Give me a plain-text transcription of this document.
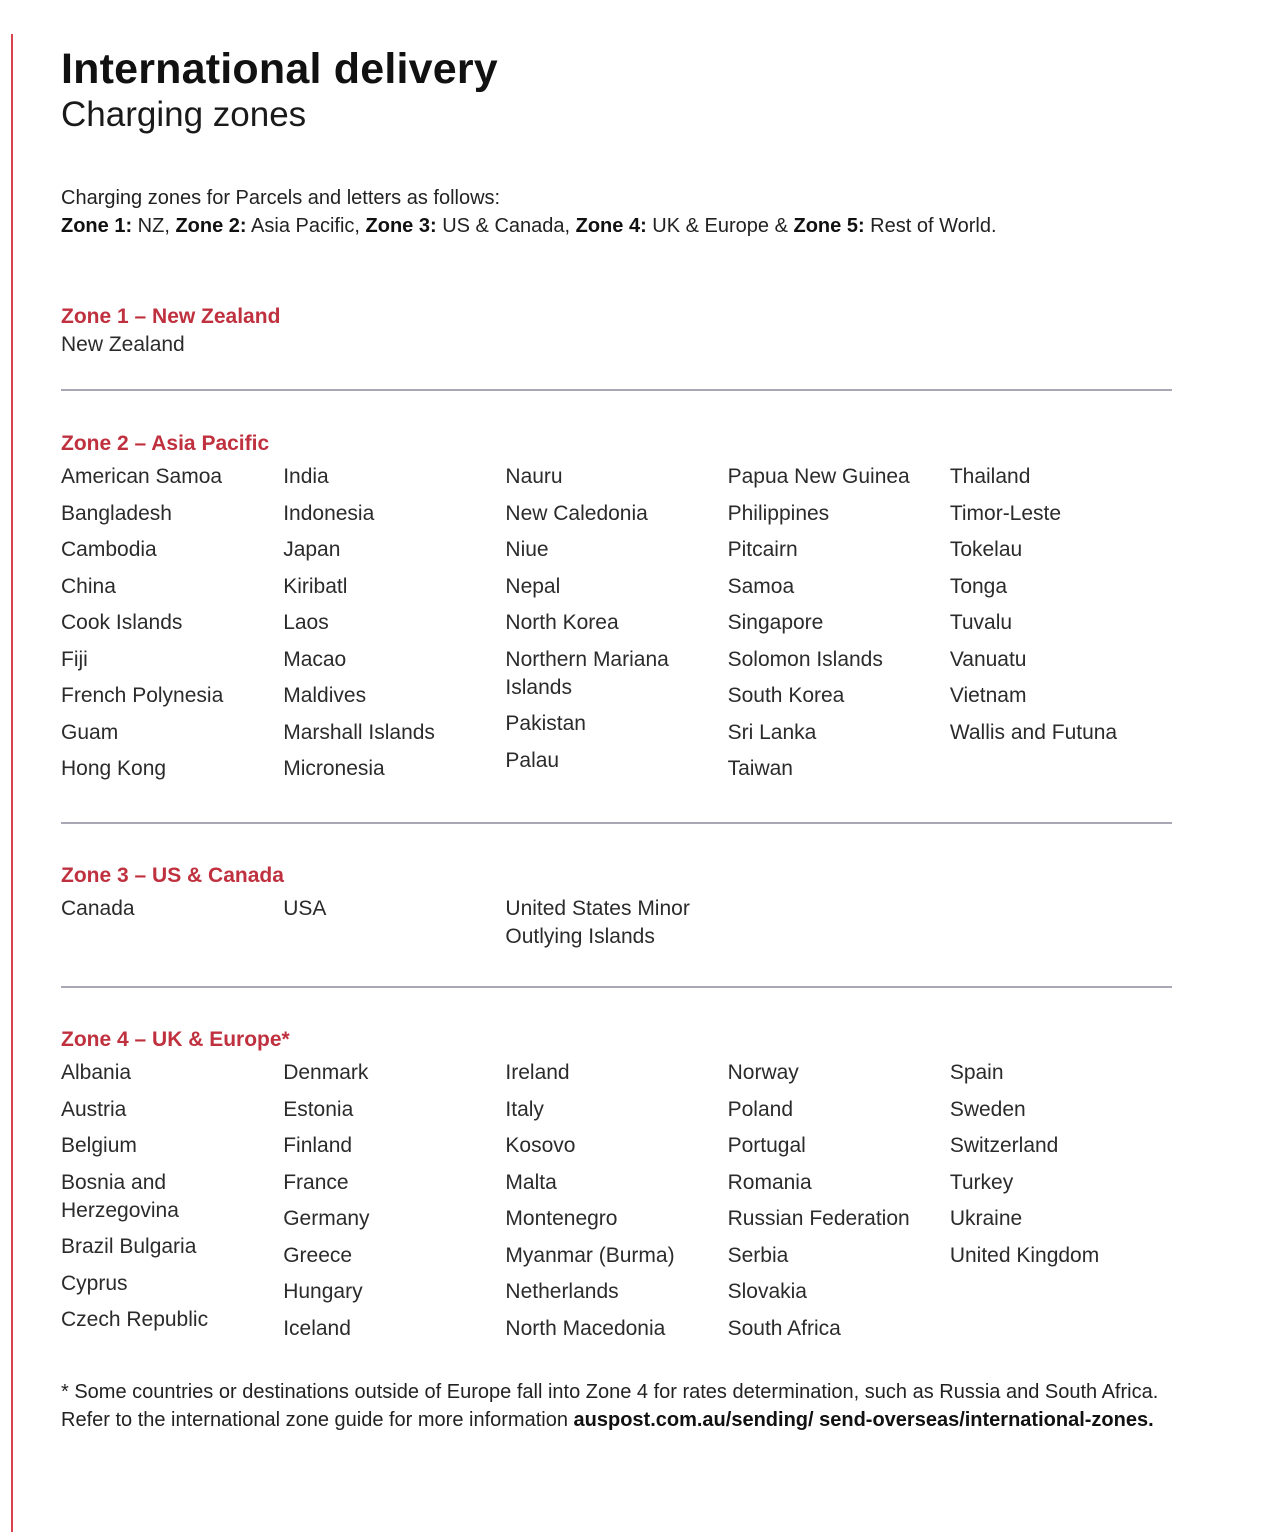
International delivery
Charging zones
Charging zones for Parcels and letters as follows:
Zone 1: NZ, Zone 2: Asia Pacific, Zone 3: US & Canada, Zone 4: UK & Europe & Zone 5: Rest of World.
Zone 1 – New Zealand
New Zealand
Zone 2 – Asia Pacific
American Samoa
Bangladesh
Cambodia
China
Cook Islands
Fiji
French Polynesia
Guam
Hong Kong
India
Indonesia
Japan
Kiribatl
Laos
Macao
Maldives
Marshall Islands
Micronesia
Nauru
New Caledonia
Niue
Nepal
North Korea
Northern Mariana Islands
Pakistan
Palau
Papua New Guinea
Philippines
Pitcairn
Samoa
Singapore
Solomon Islands
South Korea
Sri Lanka
Taiwan
Thailand
Timor-Leste
Tokelau
Tonga
Tuvalu
Vanuatu
Vietnam
Wallis and Futuna
Zone 3 – US & Canada
Canada	USA	United States Minor Outlying Islands
Zone 4 – UK & Europe*
Albania
Austria
Belgium
Bosnia and Herzegovina
Brazil Bulgaria
Cyprus
Czech Republic
Denmark
Estonia
Finland
France
Germany
Greece
Hungary
Iceland
Ireland
Italy
Kosovo
Malta
Montenegro
Myanmar (Burma)
Netherlands
North Macedonia
Norway
Poland
Portugal
Romania
Russian Federation
Serbia
Slovakia
South Africa
Spain
Sweden
Switzerland
Turkey
Ukraine
United Kingdom
* Some countries or destinations outside of Europe fall into Zone 4 for rates determination, such as Russia and South Africa. Refer to the international zone guide for more information auspost.com.au/sending/ send-overseas/international-zones.
